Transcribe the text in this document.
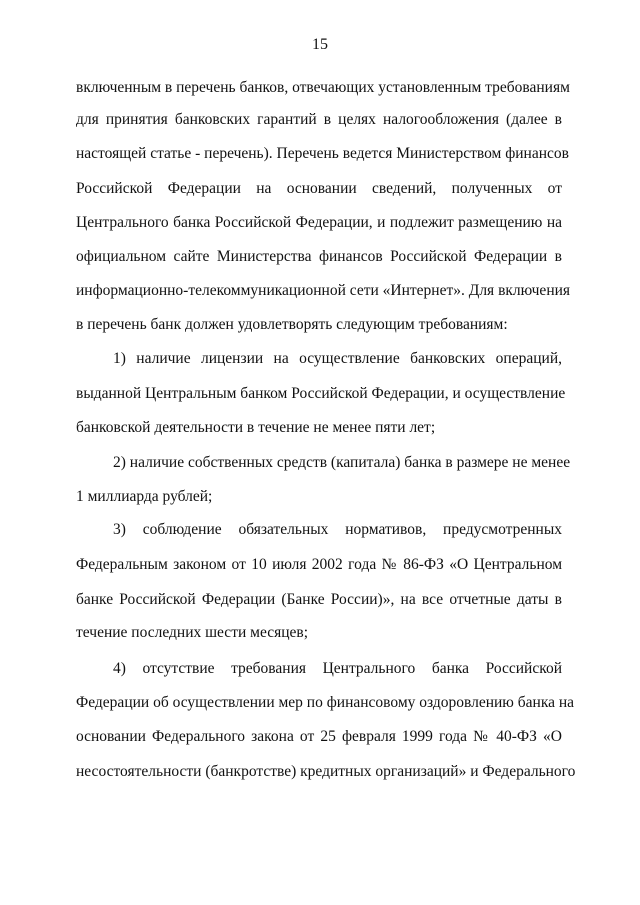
15
включенным в перечень банков, отвечающих установленным требованиям
для принятия банковских гарантий в целях налогообложения (далее в
настоящей статье - перечень). Перечень ведется Министерством финансов
Российской Федерации на основании сведений, полученных от
Центрального банка Российской Федерации, и подлежит размещению на
официальном сайте Министерства финансов Российской Федерации в
информационно-телекоммуникационной сети «Интернет». Для включения
в перечень банк должен удовлетворять следующим требованиям:
1) наличие лицензии на осуществление банковских операций,
выданной Центральным банком Российской Федерации, и осуществление
банковской деятельности в течение не менее пяти лет;
2) наличие собственных средств (капитала) банка в размере не менее
1 миллиарда рублей;
3) соблюдение обязательных нормативов, предусмотренных
Федеральным законом от 10 июля 2002 года № 86-ФЗ «О Центральном
банке Российской Федерации (Банке России)», на все отчетные даты в
течение последних шести месяцев;
4) отсутствие требования Центрального банка Российской
Федерации об осуществлении мер по финансовому оздоровлению банка на
основании Федерального закона от 25 февраля 1999 года № 40-ФЗ «О
несостоятельности (банкротстве) кредитных организаций» и Федерального
